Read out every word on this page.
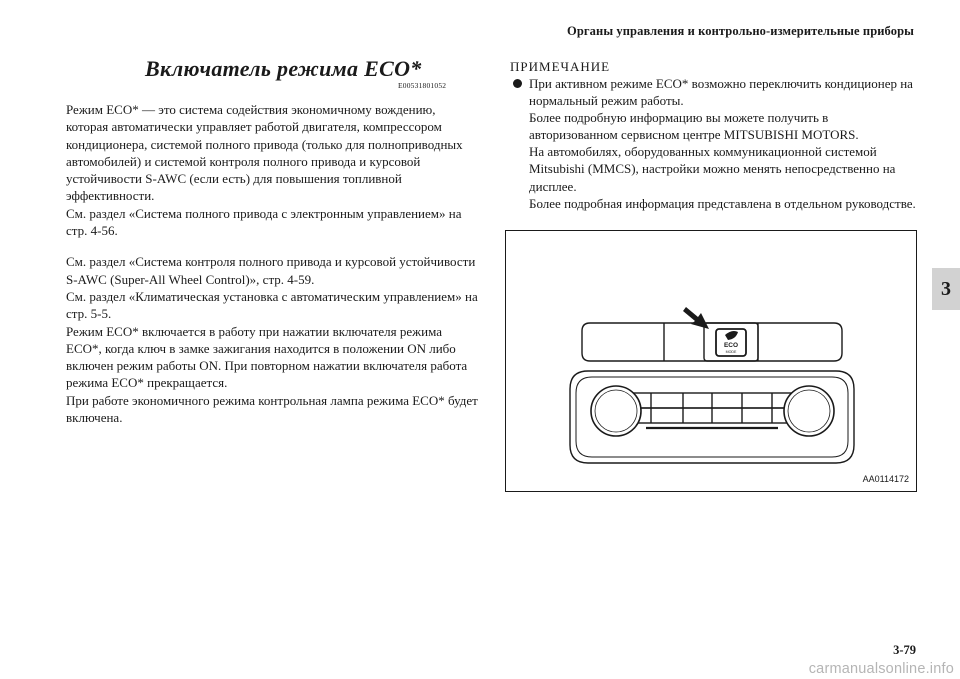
Органы управления и контрольно-измерительные приборы
3
Включатель режима ECO*
E00531801052

Режим ECO* — это система содействия экономичному вождению, которая автоматически управляет работой двигателя, компрессором кондиционера, системой полного привода (только для полноприводных автомобилей) и системой контроля полного привода и курсовой устойчивости S-AWC (если есть) для повышения топливной эффективности.

См. раздел «Система полного привода с электронным управлением» на стр. 4-56.

См. раздел «Система контроля полного привода и курсовой устойчивости S-AWC (Super-All Wheel Control)», стр. 4-59.

См. раздел «Климатическая установка с автоматическим управлением» на стр. 5-5.

Режим ECO* включается в работу при нажатии включателя режима ECO*, когда ключ в замке зажигания находится в положении ON либо включен режим работы ON. При повторном нажатии включателя работа режима ECO* прекращается.

При работе экономичного режима контрольная лампа режима ECO* будет включена.

ПРИМЕЧАНИЕ

При активном режиме ECO* возможно переключить кондиционер на нормальный режим работы.

Более подробную информацию вы можете получить в авторизованном сервисном центре MITSUBISHI MOTORS.

На автомобилях, оборудованных коммуникационной системой Mitsubishi (MMCS), настройки можно менять непосредственно на дисплее.

Более подробная информация представлена в отдельном руководстве.

ECO
MODE
AA0114172
3-79
carmanualsonline.info
